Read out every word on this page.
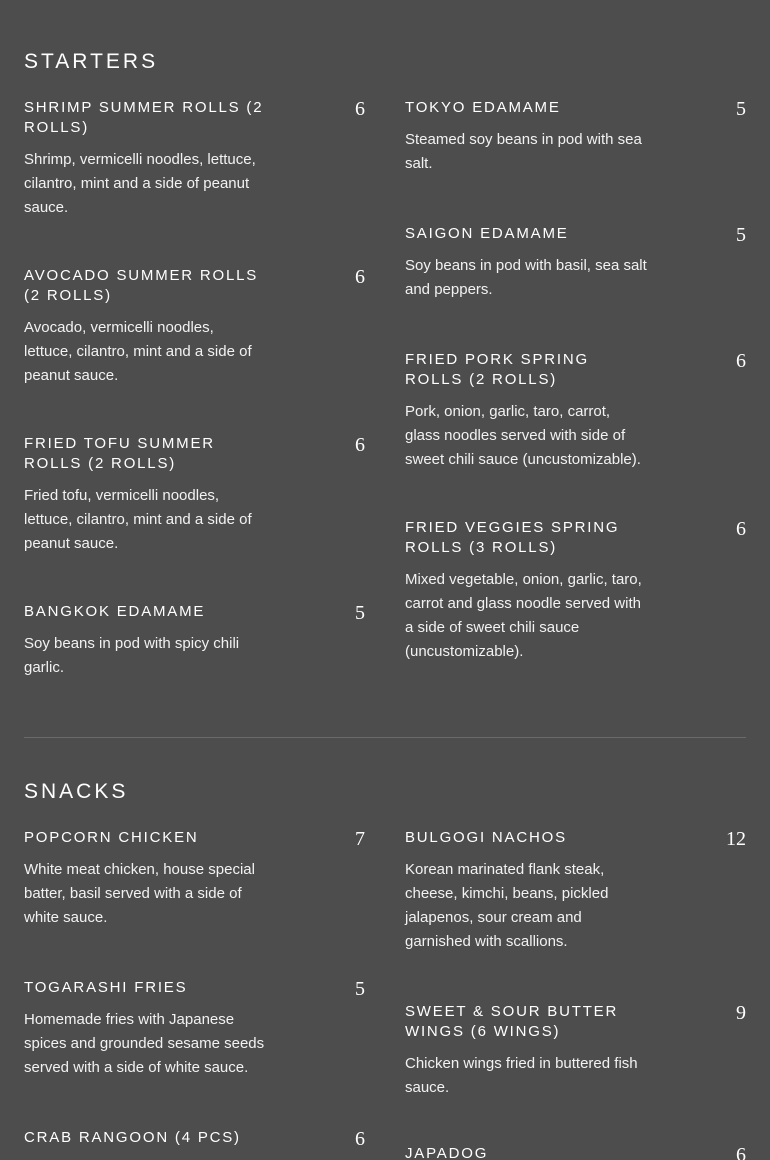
STARTERS
SHRIMP SUMMER ROLLS (2 ROLLS)
6
Shrimp, vermicelli noodles, lettuce, cilantro, mint and a side of peanut sauce.
AVOCADO SUMMER ROLLS (2 ROLLS)
6
Avocado, vermicelli noodles, lettuce, cilantro, mint and a side of peanut sauce.
FRIED TOFU SUMMER ROLLS (2 ROLLS)
6
Fried tofu, vermicelli noodles, lettuce, cilantro, mint and a side of peanut sauce.
BANGKOK EDAMAME	5
Soy beans in pod with spicy chili garlic.
TOKYO EDAMAME	5
Steamed soy beans in pod with sea salt.
SAIGON EDAMAME	5
Soy beans in pod with basil, sea salt and peppers.
FRIED PORK SPRING ROLLS (2 ROLLS)
6
Pork, onion, garlic, taro, carrot, glass noodles served with side of sweet chili sauce (uncustomizable).
FRIED VEGGIES SPRING ROLLS (3 ROLLS)
6
Mixed vegetable, onion, garlic, taro, carrot and glass noodle served with a side of sweet chili sauce (uncustomizable).
SNACKS
POPCORN CHICKEN	7
White meat chicken, house special batter, basil served with a side of white sauce.
TOGARASHI FRIES	5
Homemade fries with Japanese spices and grounded sesame seeds served with a side of white sauce.
CRAB RANGOON (4 PCS)	6
BULGOGI NACHOS	12
Korean marinated flank steak, cheese, kimchi, beans, pickled jalapenos, sour cream and garnished with scallions.
SWEET & SOUR BUTTER WINGS (6 WINGS)
9
Chicken wings fried in buttered fish sauce.
JAPADOG	6
